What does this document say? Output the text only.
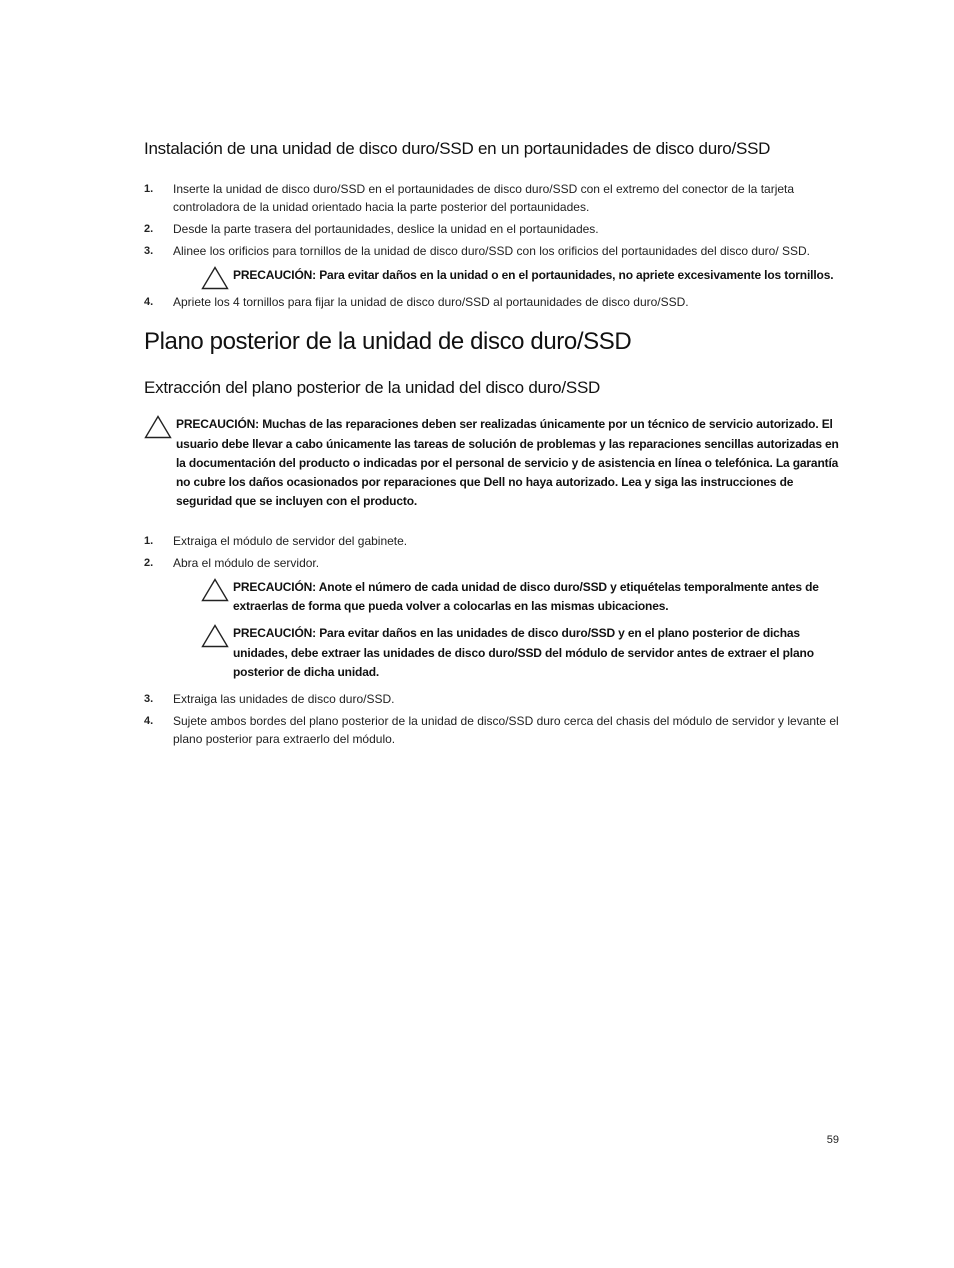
Instalación de una unidad de disco duro/SSD en un portaunidades de disco duro/SSD
1. Inserte la unidad de disco duro/SSD en el portaunidades de disco duro/SSD con el extremo del conector de la tarjeta controladora de la unidad orientado hacia la parte posterior del portaunidades.
2. Desde la parte trasera del portaunidades, deslice la unidad en el portaunidades.
3. Alinee los orificios para tornillos de la unidad de disco duro/SSD con los orificios del portaunidades del disco duro/ SSD.
PRECAUCIÓN: Para evitar daños en la unidad o en el portaunidades, no apriete excesivamente los tornillos.
4. Apriete los 4 tornillos para fijar la unidad de disco duro/SSD al portaunidades de disco duro/SSD.
Plano posterior de la unidad de disco duro/SSD
Extracción del plano posterior de la unidad del disco duro/SSD
PRECAUCIÓN: Muchas de las reparaciones deben ser realizadas únicamente por un técnico de servicio autorizado. El usuario debe llevar a cabo únicamente las tareas de solución de problemas y las reparaciones sencillas autorizadas en la documentación del producto o indicadas por el personal de servicio y de asistencia en línea o telefónica. La garantía no cubre los daños ocasionados por reparaciones que Dell no haya autorizado. Lea y siga las instrucciones de seguridad que se incluyen con el producto.
1. Extraiga el módulo de servidor del gabinete.
2. Abra el módulo de servidor.
PRECAUCIÓN: Anote el número de cada unidad de disco duro/SSD y etiquételas temporalmente antes de extraerlas de forma que pueda volver a colocarlas en las mismas ubicaciones.
PRECAUCIÓN: Para evitar daños en las unidades de disco duro/SSD y en el plano posterior de dichas unidades, debe extraer las unidades de disco duro/SSD del módulo de servidor antes de extraer el plano posterior de dicha unidad.
3. Extraiga las unidades de disco duro/SSD.
4. Sujete ambos bordes del plano posterior de la unidad de disco/SSD duro cerca del chasis del módulo de servidor y levante el plano posterior para extraerlo del módulo.
59
